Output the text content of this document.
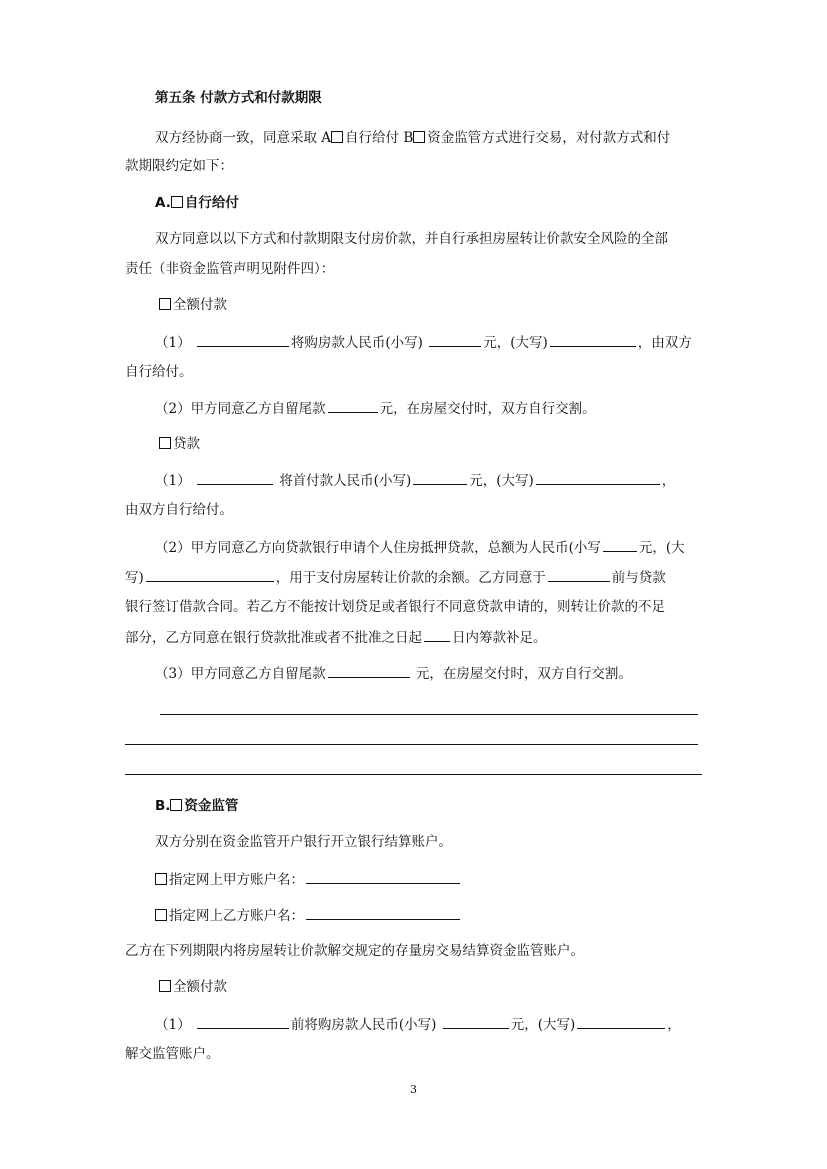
第五条 付款方式和付款期限
双方经协商一致，同意采取 A 自行给付 B 资金监管方式进行交易，对付款方式和付
款期限约定如下：
A. 自行给付
双方同意以以下方式和付款期限支付房价款，并自行承担房屋转让价款安全风险的全部
责任（非资金监管声明见附件四）：
全额付款
（1）	将购房款人民币(小写)	元，(大写)	，由双方
自行给付。
（2）甲方同意乙方自留尾款	元，在房屋交付时，双方自行交割。
贷款
（1）	将首付款人民币(小写)	元，(大写)	，
由双方自行给付。
（2）甲方同意乙方向贷款银行申请个人住房抵押贷款，总额为人民币(小写	元，(大
写)	，用于支付房屋转让价款的余额。乙方同意于	前与贷款
银行签订借款合同。若乙方不能按计划贷足或者银行不同意贷款申请的，则转让价款的不足
部分，乙方同意在银行贷款批准或者不批准之日起 日内筹款补足。
（3）甲方同意乙方自留尾款	元，在房屋交付时，双方自行交割。
B. 资金监管
双方分别在资金监管开户银行开立银行结算账户。
指定网上甲方账户名：
指定网上乙方账户名：
乙方在下列期限内将房屋转让价款解交规定的存量房交易结算资金监管账户。
全额付款
（1）	前将购房款人民币(小写)	元，(大写)	，
解交监管账户。
3
